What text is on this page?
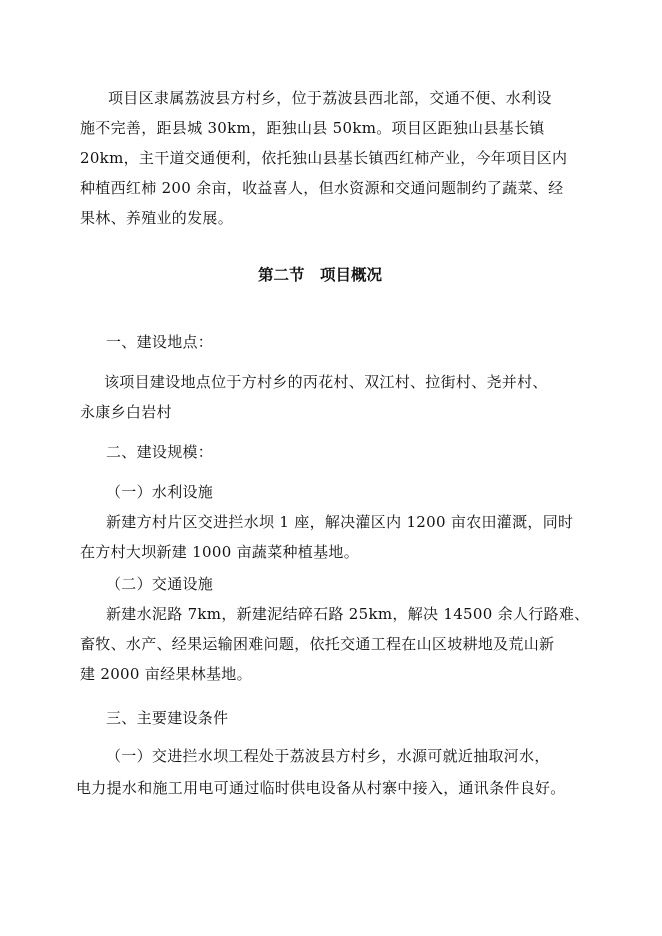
项目区隶属荔波县方村乡，位于荔波县西北部，交通不便、水利设
施不完善，距县城 30km，距独山县 50km。项目区距独山县基长镇
20km，主干道交通便利，依托独山县基长镇西红柿产业，今年项目区内
种植西红柿 200 余亩，收益喜人，但水资源和交通问题制约了蔬菜、经
果林、养殖业的发展。
第二节　项目概况
一、建设地点：
该项目建设地点位于方村乡的丙花村、双江村、拉街村、尧并村、
永康乡白岩村
二、建设规模：
（一）水利设施
新建方村片区交进拦水坝 1 座，解决灌区内 1200 亩农田灌溉，同时
在方村大坝新建 1000 亩蔬菜种植基地。
（二）交通设施
新建水泥路 7km，新建泥结碎石路 25km，解决 14500 余人行路难、
畜牧、水产、经果运输困难问题，依托交通工程在山区坡耕地及荒山新
建 2000 亩经果林基地。
三、主要建设条件
（一）交进拦水坝工程处于荔波县方村乡，水源可就近抽取河水，
电力提水和施工用电可通过临时供电设备从村寨中接入，通讯条件良好。
